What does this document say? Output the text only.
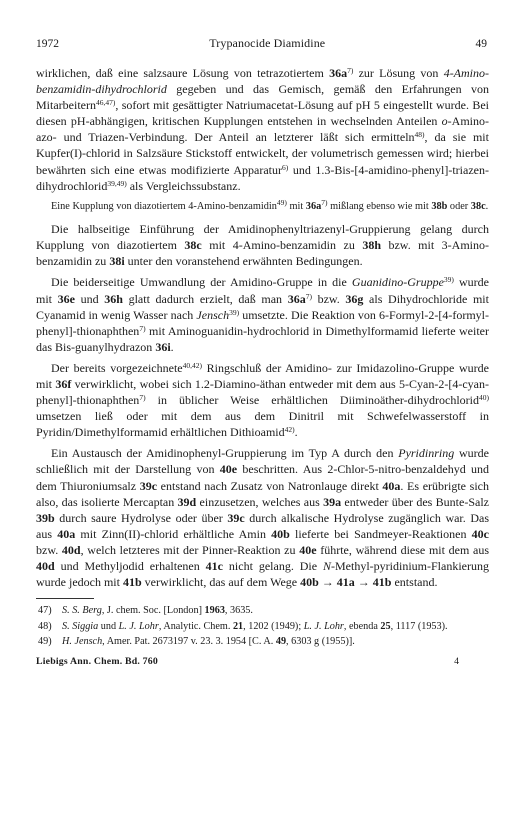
1972	Trypanocide Diamidine	49

wirklichen, daß eine salzsaure Lösung von tetrazotiertem $36a^{7)}$ zur Lösung von 4-Amino-benzamidin-dihydrochlorid gegeben und das Gemisch, gemäß den Erfahrungen von Mitarbeitern$^{46,47)}$, sofort mit gesättigter Natriumacetat-Lösung auf pH 5 eingestellt wurde. Bei diesen pH-abhängigen, kritischen Kupplungen entstehen in wechselnden Anteilen o-Amino-azo- und Triazen-Verbindung. Der Anteil an letzterer läßt sich ermitteln$^{48)}$, da sie mit Kupfer(I)-chlorid in Salzsäure Stickstoff entwickelt, der volumetrisch gemessen wird; hierbei bewährten sich eine etwas modifizierte Apparatur$^{6)}$ und 1.3-Bis-[4-amidino-phenyl]-triazen-dihydrochlorid$^{39,49)}$ als Vergleichssubstanz.

Eine Kupplung von diazotiertem 4-Amino-benzamidin$^{49)}$ mit $36a^{7)}$ mißlang ebenso wie mit 38b oder 38c.

Die halbseitige Einführung der Amidinophenyltriazenyl-Gruppierung gelang durch Kupplung von diazotiertem 38c mit 4-Amino-benzamidin zu 38h bzw. mit 3-Amino-benzamidin zu 38i unter den voranstehend erwähnten Bedingungen.

Die beiderseitige Umwandlung der Amidino-Gruppe in die Guanidino-Gruppe$^{39)}$ wurde mit 36e und 36h glatt dadurch erzielt, daß man $36a^{7)}$ bzw. 36g als Dihydrochloride mit Cyanamid in wenig Wasser nach Jensch$^{39)}$ umsetzte. Die Reaktion von 6-Formyl-2-[4-formyl-phenyl]-thionaphthen$^{7)}$ mit Aminoguanidin-hydrochlorid in Dimethylformamid lieferte weiter das Bis-guanylhydrazon 36i.

Der bereits vorgezeichnete$^{40,42)}$ Ringschluß der Amidino- zur Imidazolino-Gruppe wurde mit 36f verwirklicht, wobei sich 1.2-Diamino-äthan entweder mit dem aus 5-Cyan-2-[4-cyan-phenyl]-thionaphthen$^{7)}$ in üblicher Weise erhältlichen Diiminoäther-dihydrochlorid$^{40)}$ umsetzen ließ oder mit dem aus dem Dinitril mit Schwefelwasserstoff in Pyridin/Dimethylformamid erhältlichen Dithioamid$^{42)}$.

Ein Austausch der Amidinophenyl-Gruppierung im Typ A durch den Pyridinring wurde schließlich mit der Darstellung von 40e beschritten. Aus 2-Chlor-5-nitro-benzaldehyd und dem Thiuroniumsalz 39c entstand nach Zusatz von Natronlauge direkt 40a. Es erübrigte sich also, das isolierte Mercaptan 39d einzusetzen, welches aus 39a entweder über des Bunte-Salz 39b durch saure Hydrolyse oder über 39c durch alkalische Hydrolyse zugänglich war. Das aus 40a mit Zinn(II)-chlorid erhältliche Amin 40b lieferte bei Sandmeyer-Reaktionen 40c bzw. 40d, welch letzteres mit der Pinner-Reaktion zu 40e führte, während diese mit dem aus 40d und Methyljodid erhaltenen 41c nicht gelang. Die N-Methyl-pyridinium-Flankierung wurde jedoch mit 41b verwirklicht, das auf dem Wege 40b → 41a → 41b entstand.

47)	S. S. Berg, J. chem. Soc. [London] 1963, 3635.
48)	S. Siggia und L. J. Lohr, Analytic. Chem. 21, 1202 (1949); L. J. Lohr, ebenda 25, 1117 (1953).
49)	H. Jensch, Amer. Pat. 2673197 v. 23. 3. 1954 [C. A. 49, 6303 g (1955)].
Liebigs Ann. Chem. Bd. 760	4
